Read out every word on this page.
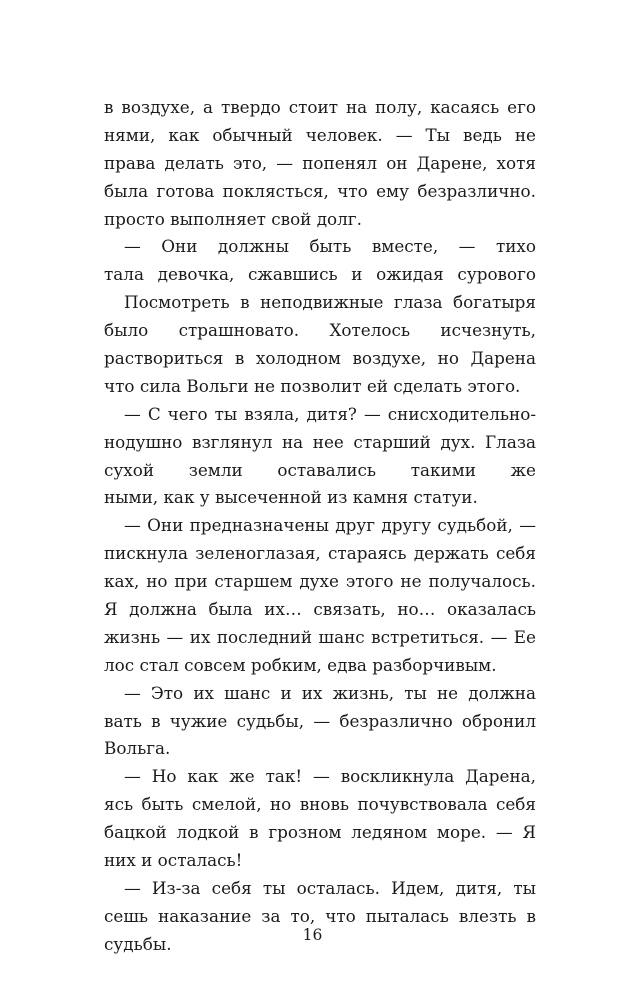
в воздухе, а твердо стоит на полу, касаясь его
нями, как обычный человек. — Ты ведь не
права делать это, — попенял он Дарене, хотя
была готова поклясться, что ему безразлично.
просто выполняет свой долг.
— Они должны быть вместе, — тихо
тала девочка, сжавшись и ожидая сурового
Посмотреть в неподвижные глаза богатыря
было страшновато. Хотелось исчезнуть,
раствориться в холодном воздухе, но Дарена
что сила Вольги не позволит ей сделать этого.
— С чего ты взяла, дитя? — снисходительно-
нодушно взглянул на нее старший дух. Глаза
сухой земли оставались такими же
ными, как у высеченной из камня статуи.
— Они предназначены друг другу судьбой, —
пискнула зеленоглазая, стараясь держать себя
ках, но при старшем духе этого не получалось.
Я должна была их… связать, но… оказалась
жизнь — их последний шанс встретиться. — Ее
лос стал совсем робким, едва разборчивым.
— Это их шанс и их жизнь, ты не должна
вать в чужие судьбы, — безразлично обронил
Вольга.
— Но как же так! — воскликнула Дарена,
ясь быть смелой, но вновь почувствовала себя
бацкой лодкой в грозном ледяном море. — Я
них и осталась!
— Из-за себя ты осталась. Идем, дитя, ты
сешь наказание за то, что пыталась влезть в
судьбы.	16
